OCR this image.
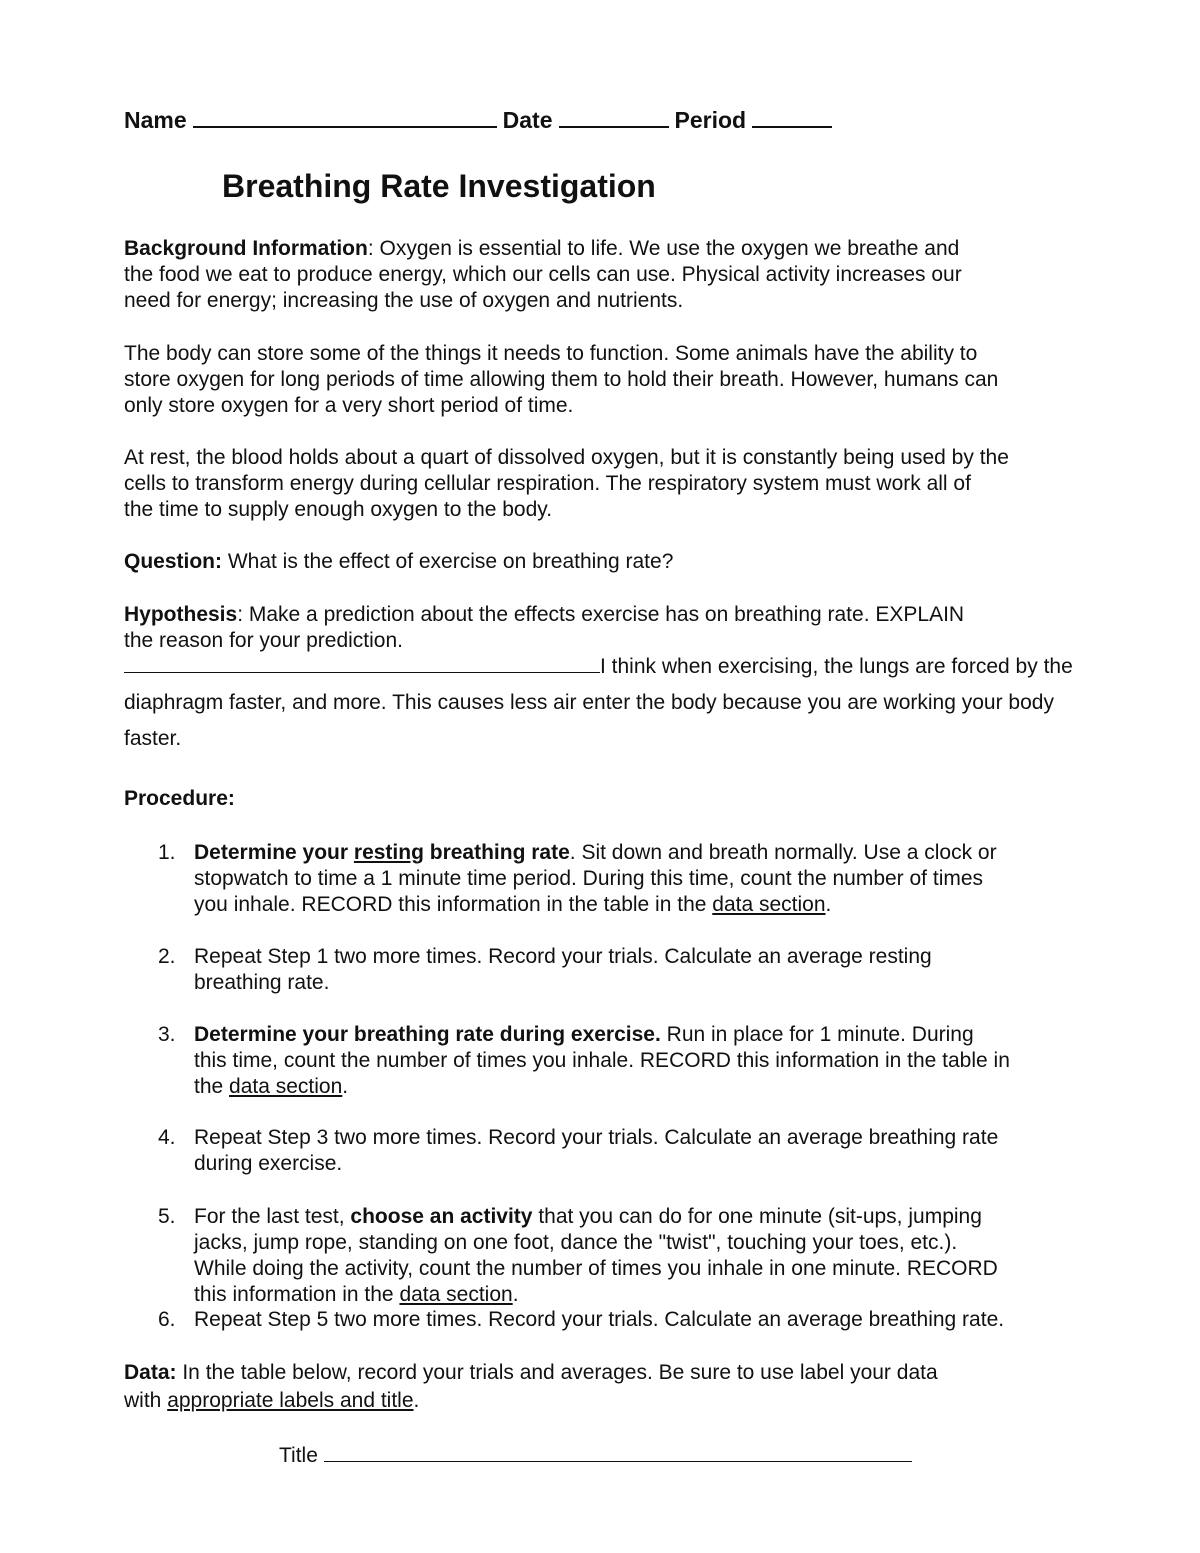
Name	Date	Period
Breathing Rate Investigation
Background Information: Oxygen is essential to life. We use the oxygen we breathe and
the food we eat to produce energy, which our cells can use. Physical activity increases our
need for energy; increasing the use of oxygen and nutrients.
The body can store some of the things it needs to function. Some animals have the ability to
store oxygen for long periods of time allowing them to hold their breath. However, humans can
only store oxygen for a very short period of time.
At rest, the blood holds about a quart of dissolved oxygen, but it is constantly being used by the
cells to transform energy during cellular respiration. The respiratory system must work all of
the time to supply enough oxygen to the body.
Question: What is the effect of exercise on breathing rate?
Hypothesis: Make a prediction about the effects exercise has on breathing rate. EXPLAIN
the reason for your prediction.
I think when exercising, the lungs are forced by the diaphragm faster, and more. This causes less air enter the body because you are working your body faster.
Procedure:
1. Determine your resting breathing rate. Sit down and breath normally. Use a clock or
stopwatch to time a 1 minute time period. During this time, count the number of times
you inhale. RECORD this information in the table in the data section.
2. Repeat Step 1 two more times. Record your trials. Calculate an average resting
breathing rate.
3. Determine your breathing rate during exercise. Run in place for 1 minute. During
this time, count the number of times you inhale. RECORD this information in the table in
the data section.
4. Repeat Step 3 two more times. Record your trials. Calculate an average breathing rate
during exercise.
5. For the last test, choose an activity that you can do for one minute (sit-ups, jumping
jacks, jump rope, standing on one foot, dance the "twist", touching your toes, etc.).
While doing the activity, count the number of times you inhale in one minute. RECORD
this information in the data section.
6. Repeat Step 5 two more times. Record your trials. Calculate an average breathing rate.
Data: In the table below, record your trials and averages. Be sure to use label your data
with appropriate labels and title.
Title
